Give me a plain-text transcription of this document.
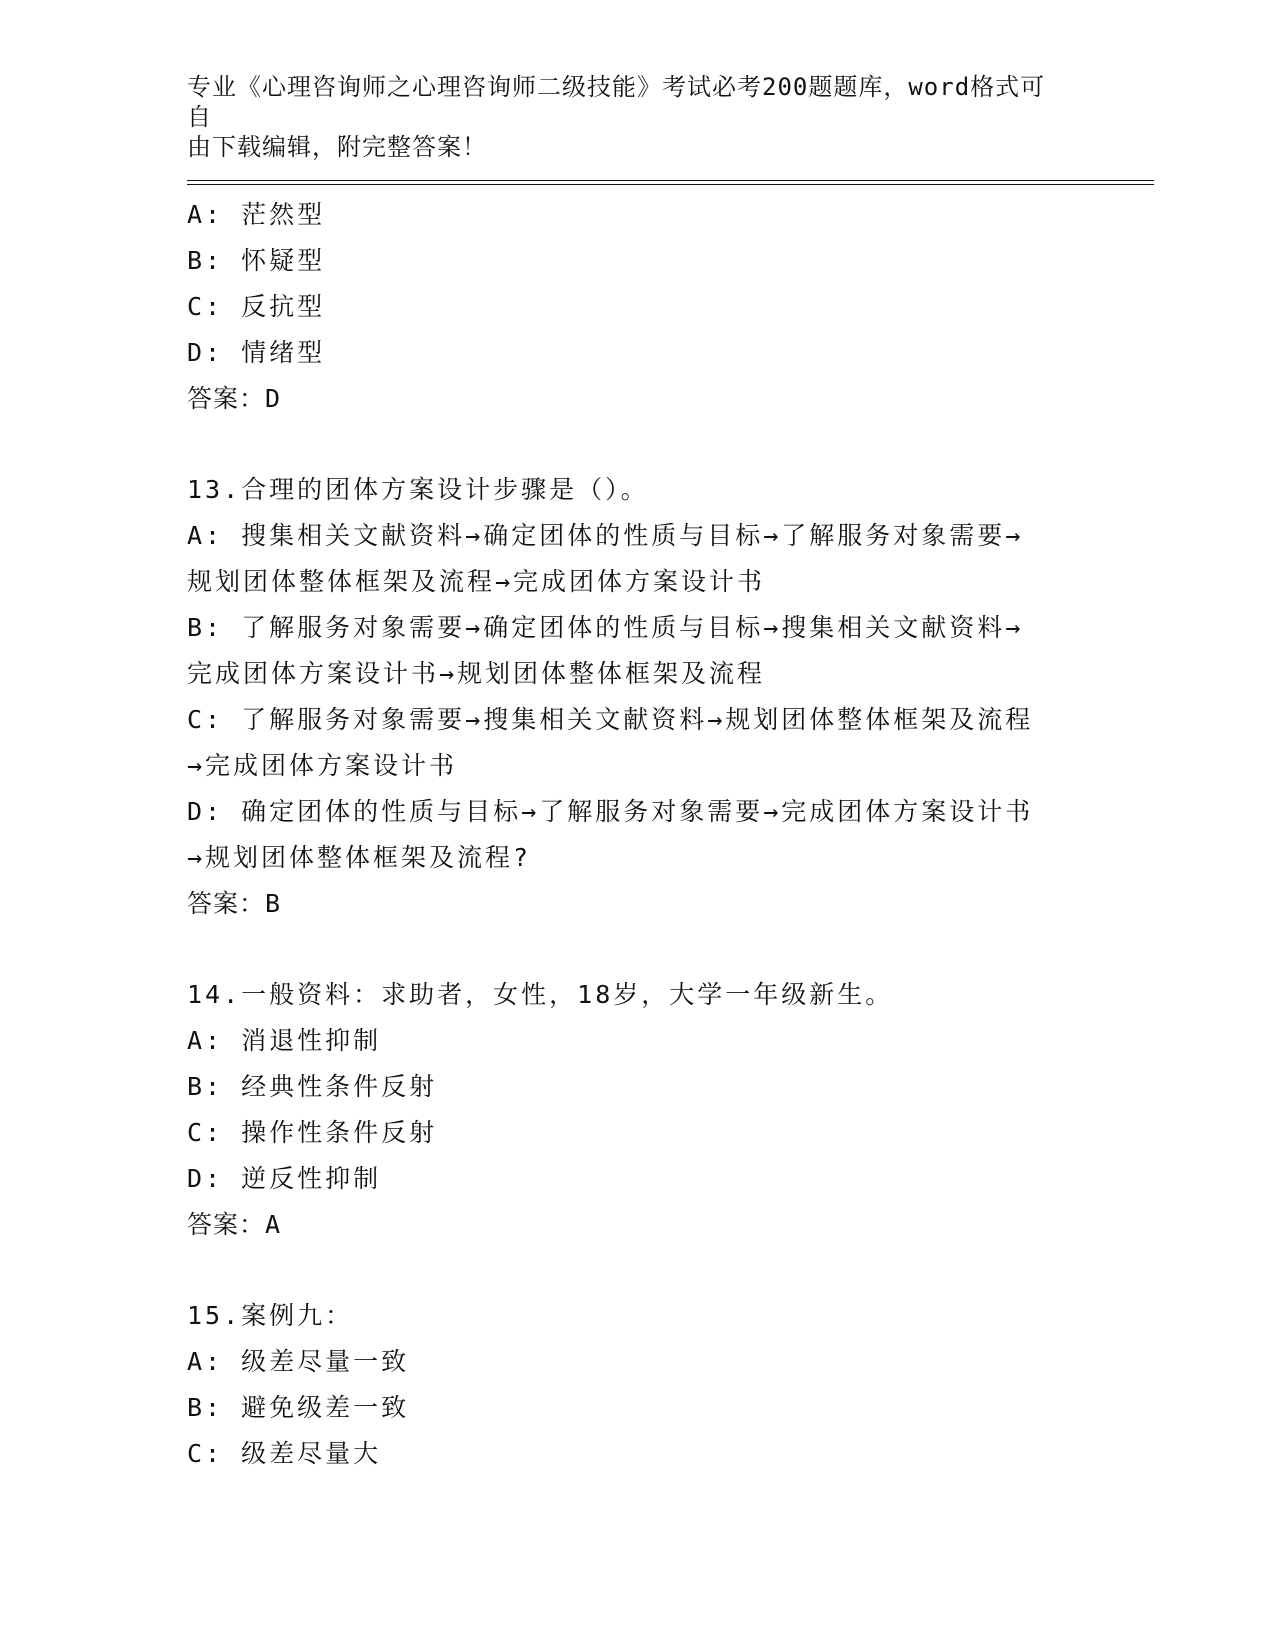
专业《心理咨询师之心理咨询师二级技能》考试必考200题题库，word格式可自
由下载编辑，附完整答案！
A: 茫然型
B: 怀疑型
C: 反抗型
D: 情绪型
答案：D
13.合理的团体方案设计步骤是（）。
A: 搜集相关文献资料→确定团体的性质与目标→了解服务对象需要→
规划团体整体框架及流程→完成团体方案设计书
B: 了解服务对象需要→确定团体的性质与目标→搜集相关文献资料→
完成团体方案设计书→规划团体整体框架及流程
C: 了解服务对象需要→搜集相关文献资料→规划团体整体框架及流程
→完成团体方案设计书
D: 确定团体的性质与目标→了解服务对象需要→完成团体方案设计书
→规划团体整体框架及流程?
答案：B
14.一般资料：求助者，女性，18岁，大学一年级新生。
A: 消退性抑制
B: 经典性条件反射
C: 操作性条件反射
D: 逆反性抑制
答案：A
15.案例九：
A: 级差尽量一致
B: 避免级差一致
C: 级差尽量大
